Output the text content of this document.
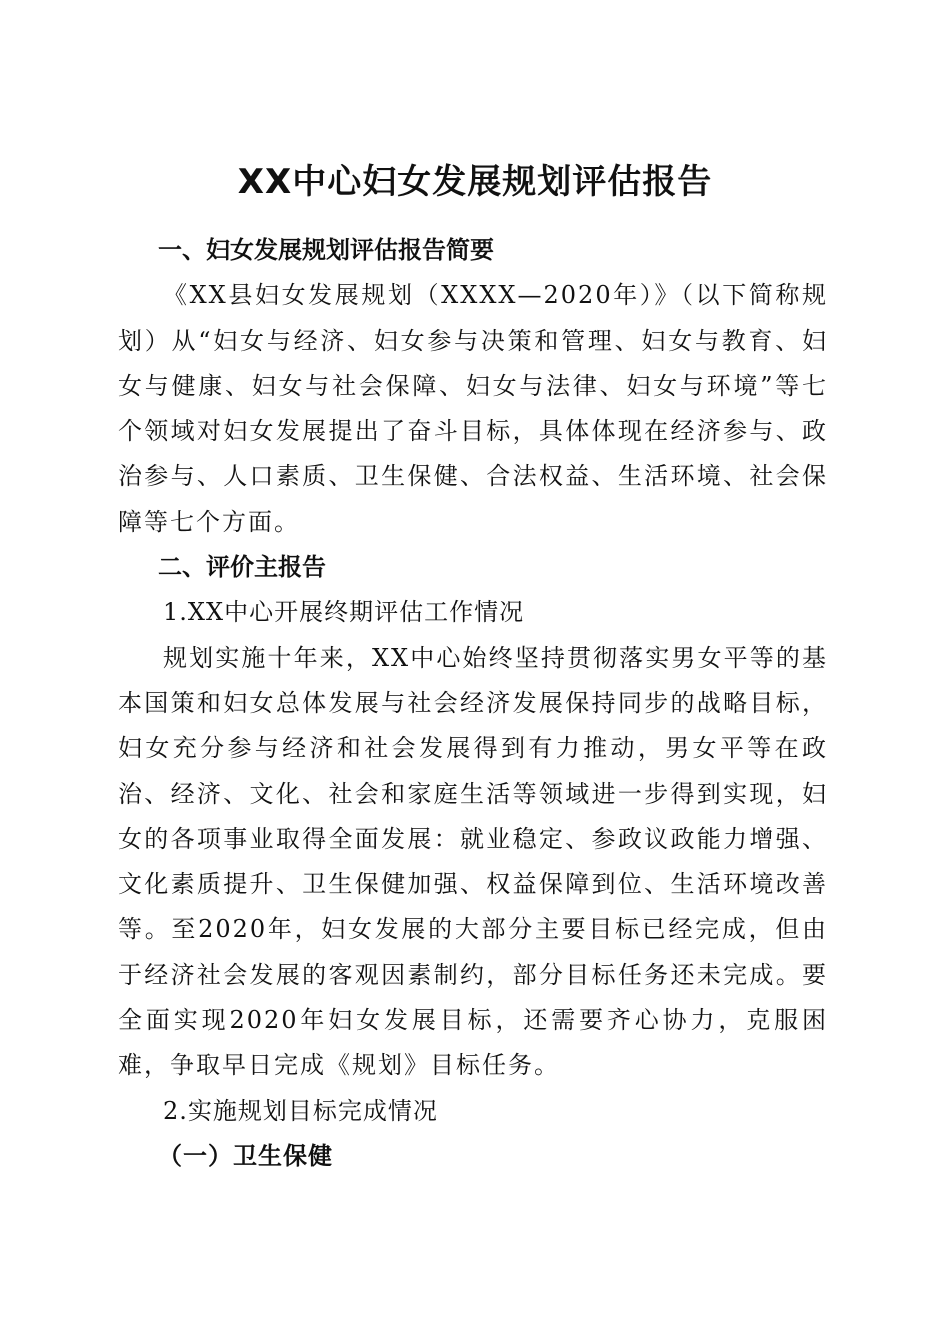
XX中心妇女发展规划评估报告

一、妇女发展规划评估报告简要

《XX县妇女发展规划（XXXX—2020年）》（以下简称规划）从“妇女与经济、妇女参与决策和管理、妇女与教育、妇女与健康、妇女与社会保障、妇女与法律、妇女与环境”等七个领域对妇女发展提出了奋斗目标，具体体现在经济参与、政治参与、人口素质、卫生保健、合法权益、生活环境、社会保障等七个方面。

二、评价主报告

1.XX中心开展终期评估工作情况

规划实施十年来，XX中心始终坚持贯彻落实男女平等的基本国策和妇女总体发展与社会经济发展保持同步的战略目标，妇女充分参与经济和社会发展得到有力推动，男女平等在政治、经济、文化、社会和家庭生活等领域进一步得到实现，妇女的各项事业取得全面发展：就业稳定、参政议政能力增强、文化素质提升、卫生保健加强、权益保障到位、生活环境改善等。至2020年，妇女发展的大部分主要目标已经完成，但由于经济社会发展的客观因素制约，部分目标任务还未完成。要全面实现2020年妇女发展目标，还需要齐心协力，克服困难，争取早日完成《规划》目标任务。

2.实施规划目标完成情况

（一）卫生保健
